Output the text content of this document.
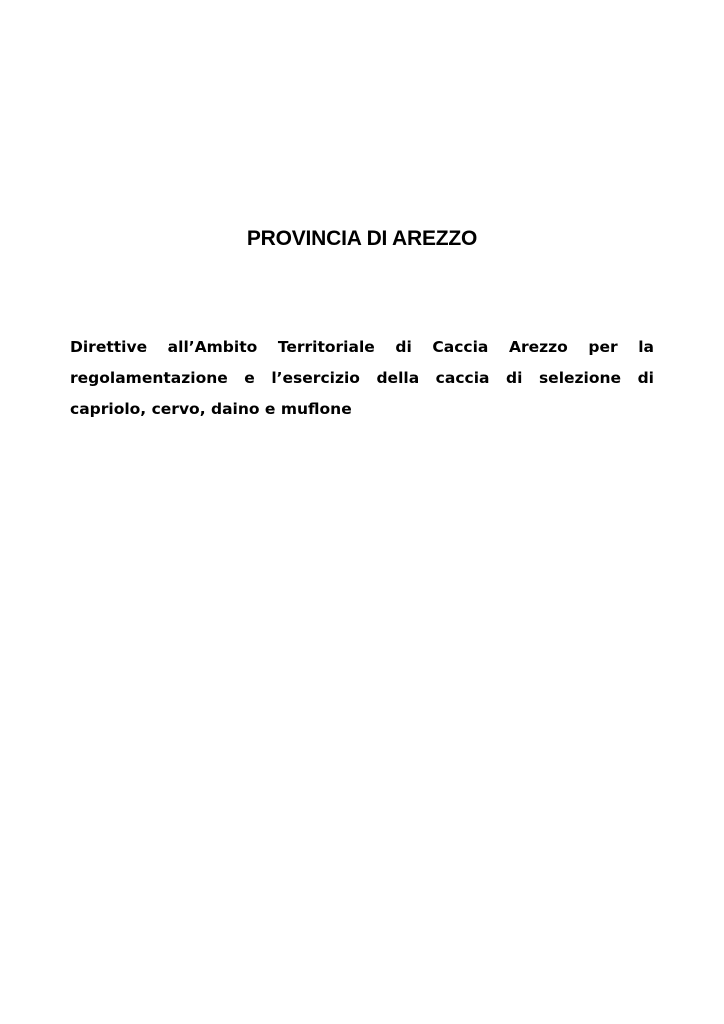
PROVINCIA DI AREZZO

Direttive all’Ambito Territoriale di Caccia Arezzo per la regolamentazione e l’esercizio della caccia di selezione di capriolo, cervo, daino e muflone
